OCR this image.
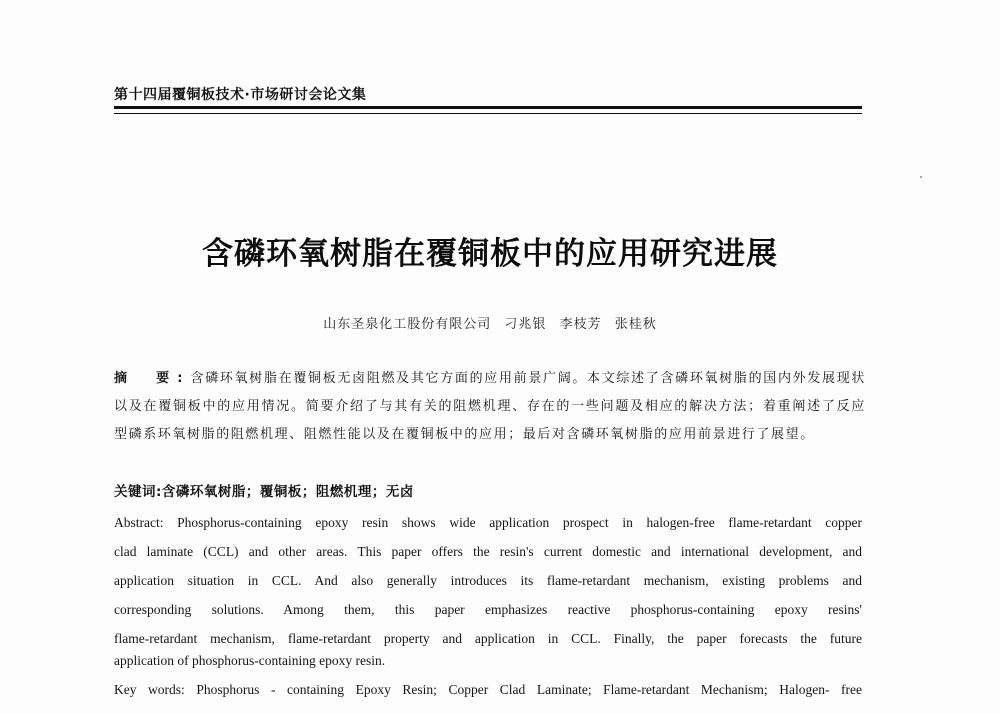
第十四届覆铜板技术·市场研讨会论文集
含磷环氧树脂在覆铜板中的应用研究进展
山东圣泉化工股份有限公司 刁兆银 李枝芳 张桂秋
摘　要:含磷环氧树脂在覆铜板无卤阻燃及其它方面的应用前景广阔。本文综述了含磷环氧树脂的国内外发展现状以及在覆铜板中的应用情况。简要介绍了与其有关的阻燃机理、存在的一些问题及相应的解决方法；着重阐述了反应型磷系环氧树脂的阻燃机理、阻燃性能以及在覆铜板中的应用；最后对含磷环氧树脂的应用前景进行了展望。
关键词:含磷环氧树脂；覆铜板；阻燃机理；无卤
Abstract: Phosphorus-containing epoxy resin shows wide application prospect in halogen-free flame-retardant copper
clad laminate (CCL) and other areas. This paper offers the resin's current domestic and international development, and
application situation in CCL. And also generally introduces its flame-retardant mechanism, existing problems and
corresponding solutions. Among them, this paper emphasizes reactive phosphorus-containing epoxy resins'
flame-retardant mechanism, flame-retardant property and application in CCL. Finally, the paper forecasts the future
application of phosphorus-containing epoxy resin.
Key words: Phosphorus - containing Epoxy Resin; Copper Clad Laminate; Flame-retardant Mechanism; Halogen- free
